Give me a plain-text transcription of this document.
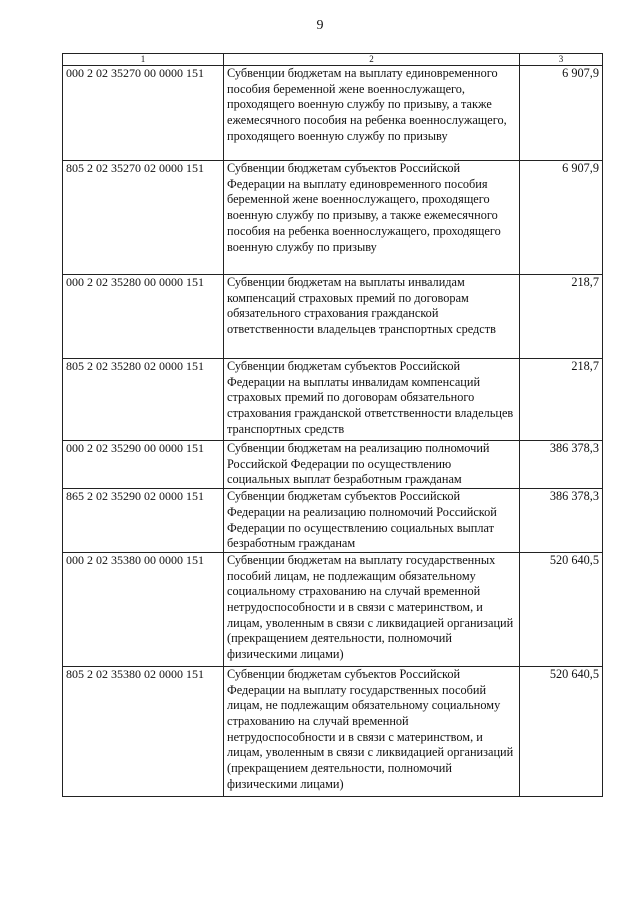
9
1	2	3
000 2 02 35270 00 0000 151	Субвенции бюджетам на выплату единовременного пособия беременной жене военнослужащего, проходящего военную службу по призыву, а также ежемесячного пособия на ребенка военнослужащего, проходящего военную службу по призыву	6 907,9
805 2 02 35270 02 0000 151	Субвенции бюджетам субъектов Российской Федерации на выплату единовременного пособия беременной жене военнослужащего, проходящего военную службу по призыву, а также ежемесячного пособия на ребенка военнослужащего, проходящего военную службу по призыву	6 907,9
000 2 02 35280 00 0000 151	Субвенции бюджетам на выплаты инвалидам компенсаций страховых премий по договорам обязательного страхования гражданской ответственности владельцев транспортных средств	218,7
805 2 02 35280 02 0000 151	Субвенции бюджетам субъектов Российской Федерации на выплаты инвалидам компенсаций страховых премий по договорам обязательного страхования гражданской ответственности владельцев транспортных средств	218,7
000 2 02 35290 00 0000 151	Субвенции бюджетам на реализацию полномочий Российской Федерации по осуществлению социальных выплат безработным гражданам	386 378,3
865 2 02 35290 02 0000 151	Субвенции бюджетам субъектов Российской Федерации на реализацию полномочий Российской Федерации по осуществлению социальных выплат безработным гражданам	386 378,3
000 2 02 35380 00 0000 151	Субвенции бюджетам на выплату государственных пособий лицам, не подлежащим обязательному социальному страхованию на случай временной нетрудоспособности и в связи с материнством, и лицам, уволенным в связи с ликвидацией организаций (прекращением деятельности, полномочий физическими лицами)	520 640,5
805 2 02 35380 02 0000 151	Субвенции бюджетам субъектов Российской Федерации на выплату государственных пособий лицам, не подлежащим обязательному социальному страхованию на случай временной нетрудоспособности и в связи с материнством, и лицам, уволенным в связи с ликвидацией организаций (прекращением деятельности, полномочий физическими лицами)	520 640,5
